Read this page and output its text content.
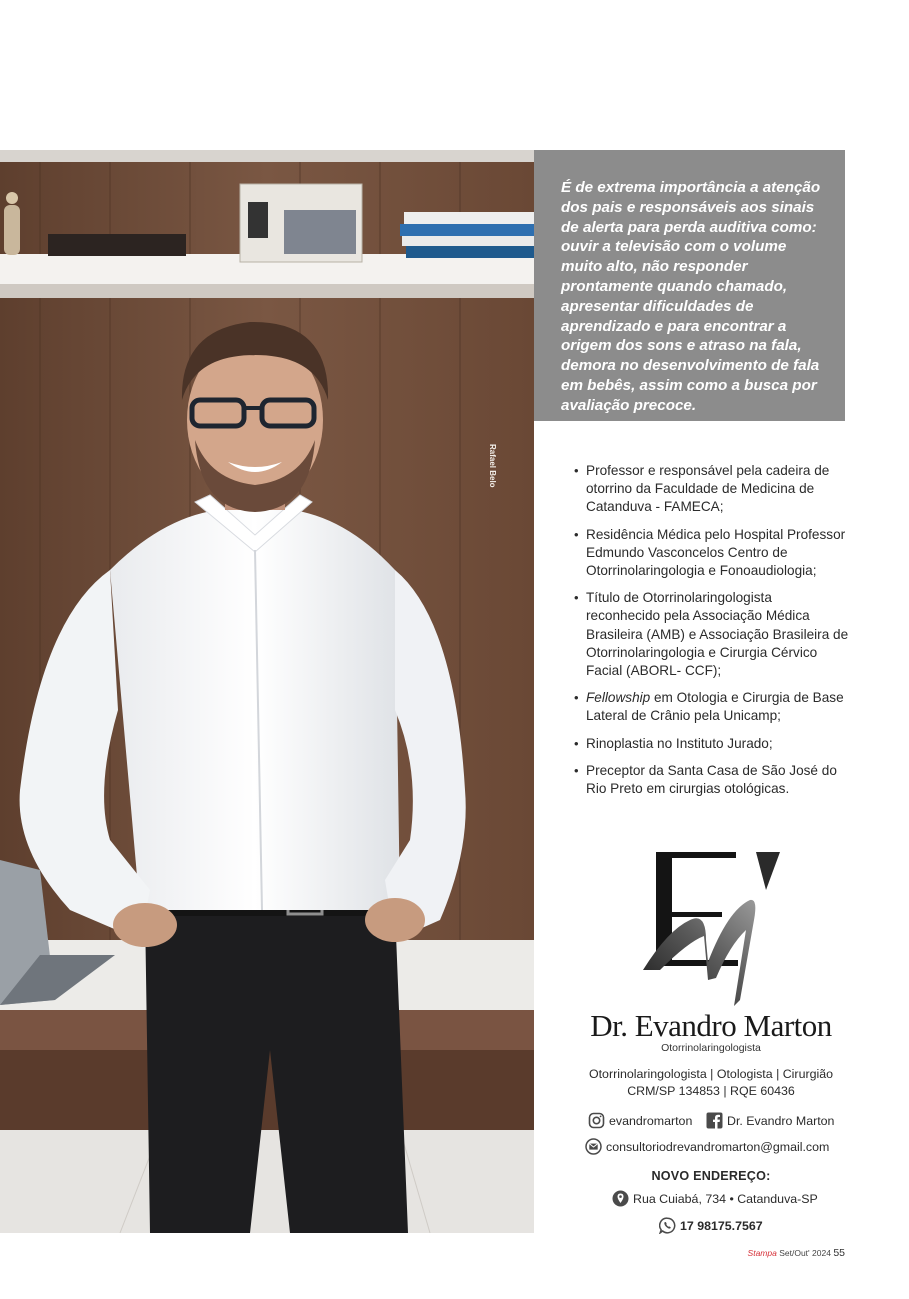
Rafael Belo

É de extrema importância a atenção dos pais e responsáveis aos sinais de alerta para perda auditiva como: ouvir a televisão com o volume muito alto, não responder prontamente quando chamado, apresentar dificuldades de aprendizado e para encontrar a origem dos sons e atraso na fala, demora no desenvolvimento de fala em bebês, assim como a busca por avaliação precoce.

• Professor e responsável pela cadeira de otorrino da Faculdade de Medicina de Catanduva - FAMECA;
• Residência Médica pelo Hospital Professor Edmundo Vasconcelos Centro de Otorrinolaringologia e Fonoaudiologia;
• Título de Otorrinolaringologista reconhecido pela Associação Médica Brasileira (AMB) e Associação Brasileira de Otorrinolaringologia e Cirurgia Cérvico Facial (ABORL- CCF);
• Fellowship em Otologia e Cirurgia de Base Lateral de Crânio pela Unicamp;
• Rinoplastia no Instituto Jurado;
• Preceptor da Santa Casa de São José do Rio Preto em cirurgias otológicas.
Dr. Evandro Marton
Otorrinolaringologista
Otorrinolaringologista | Otologista | Cirurgião
CRM/SP 134853 | RQE 60436
evandromarton	Dr. Evandro Marton
consultoriodrevandromarton@gmail.com
NOVO ENDEREÇO:
Rua Cuiabá, 734 • Catanduva-SP
17 98175.7567
Stampa Set/Out' 2024 55
